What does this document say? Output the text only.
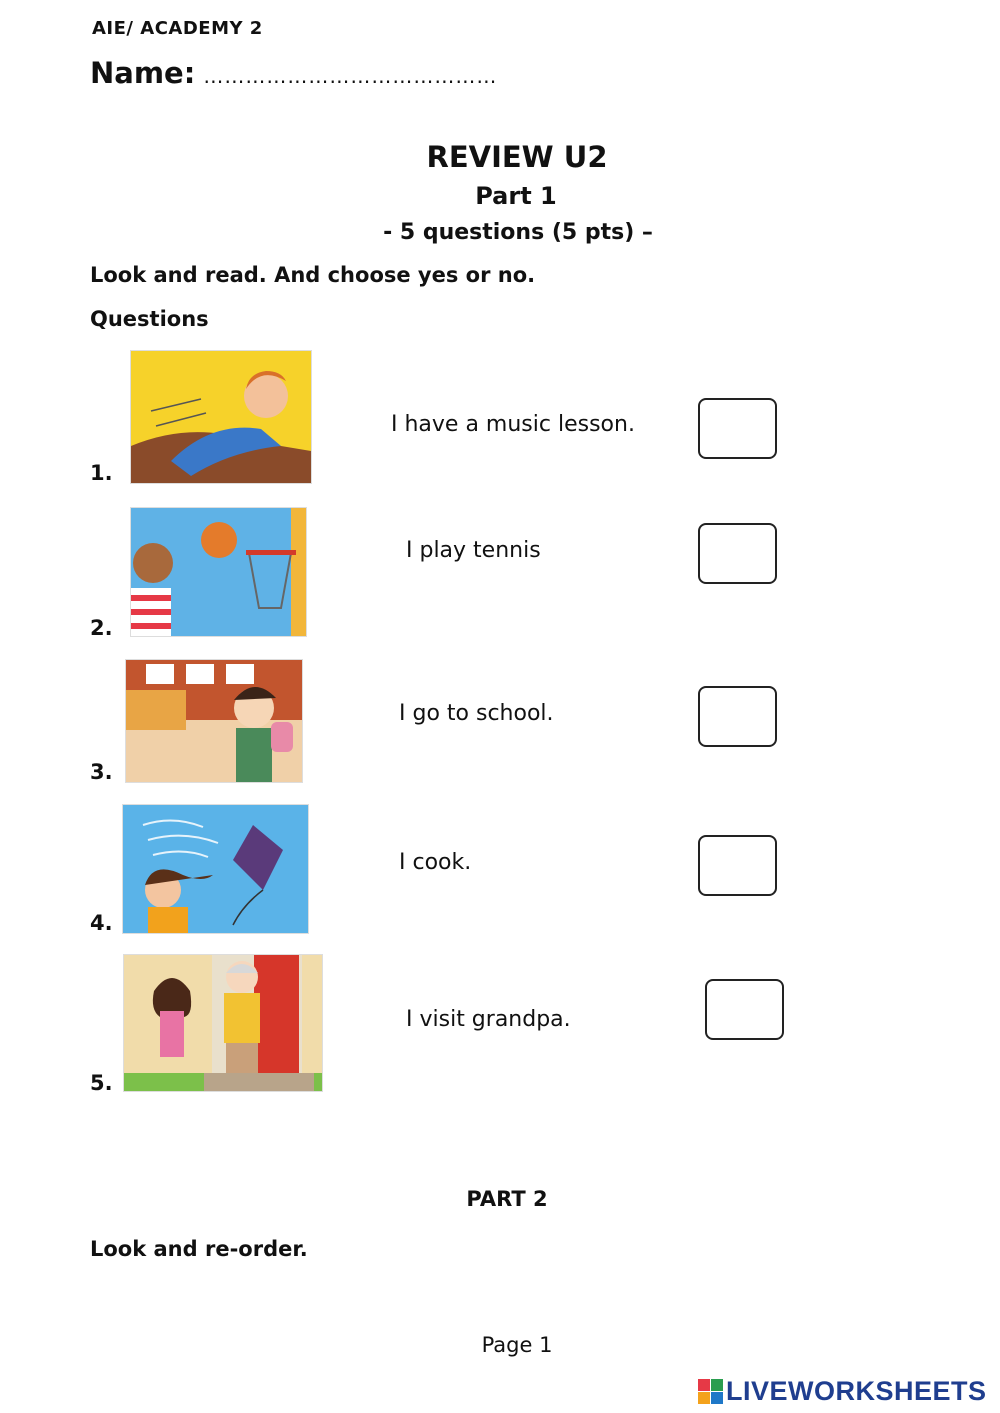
AIE/ ACADEMY 2
Name: ……………………………………
REVIEW U2
Part 1
- 5 questions (5 pts) –
Look and read. And choose yes or no.
Questions
1.
I have a music lesson.
2.
I play tennis
3.
I go to school.
4.
I cook.
5.
I visit grandpa.
PART 2
Look and re-order.
Page 1
LIVEWORKSHEETS
